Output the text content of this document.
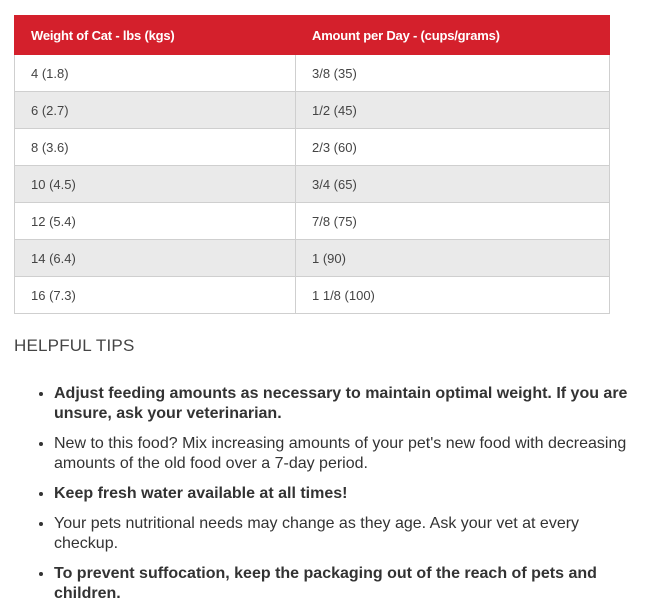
Weight of Cat - lbs (kgs)	Amount per Day - (cups/grams)
4 (1.8)	3/8 (35)
6 (2.7)	1/2 (45)
8 (3.6)	2/3 (60)
10 (4.5)	3/4 (65)
12 (5.4)	7/8 (75)
14 (6.4)	1 (90)
16 (7.3)	1 1/8 (100)
HELPFUL TIPS
• Adjust feeding amounts as necessary to maintain optimal weight. If you are unsure, ask your veterinarian.
• New to this food? Mix increasing amounts of your pet's new food with decreasing amounts of the old food over a 7-day period.
• Keep fresh water available at all times!
• Your pets nutritional needs may change as they age. Ask your vet at every checkup.
• To prevent suffocation, keep the packaging out of the reach of pets and children.
